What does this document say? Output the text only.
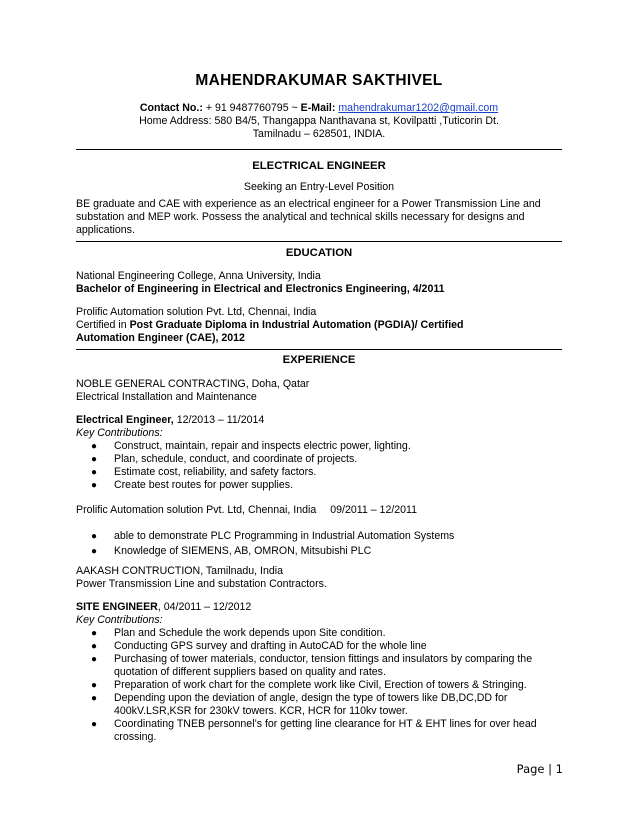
MAHENDRAKUMAR SAKTHIVEL
Contact No.: + 91 9487760795 ~ E-Mail: mahendrakumar1202@gmail.com
Home Address: 580 B4/5, Thangappa Nanthavana st, Kovilpatti ,Tuticorin Dt.
Tamilnadu – 628501, INDIA.
ELECTRICAL ENGINEER
Seeking an Entry-Level Position
BE graduate and CAE with experience as an electrical engineer for a Power Transmission Line and substation and MEP work. Possess the analytical and technical skills necessary for designs and applications.
EDUCATION
National Engineering College, Anna University, India
Bachelor of Engineering in Electrical and Electronics Engineering, 4/2011
Prolific Automation solution Pvt. Ltd, Chennai, India
Certified in Post Graduate Diploma in Industrial Automation (PGDIA)/ Certified
Automation Engineer (CAE), 2012
EXPERIENCE
NOBLE GENERAL CONTRACTING, Doha, Qatar
Electrical Installation and Maintenance
Electrical Engineer, 12/2013 – 11/2014
Key Contributions:
● Construct, maintain, repair and inspects electric power, lighting.
● Plan, schedule, conduct, and coordinate of projects.
● Estimate cost, reliability, and safety factors.
● Create best routes for power supplies.
Prolific Automation solution Pvt. Ltd, Chennai, India 09/2011 – 12/2011
● able to demonstrate PLC Programming in Industrial Automation Systems
● Knowledge of SIEMENS, AB, OMRON, Mitsubishi PLC
AAKASH CONTRUCTION, Tamilnadu, India
Power Transmission Line and substation Contractors.
SITE ENGINEER, 04/2011 – 12/2012
Key Contributions:
● Plan and Schedule the work depends upon Site condition.
● Conducting GPS survey and drafting in AutoCAD for the whole line
● Purchasing of tower materials, conductor, tension fittings and insulators by comparing the quotation of different suppliers based on quality and rates.
● Preparation of work chart for the complete work like Civil, Erection of towers & Stringing.
● Depending upon the deviation of angle, design the type of towers like DB,DC,DD for 400kV.LSR,KSR for 230kV towers. KCR, HCR for 110kv tower.
● Coordinating TNEB personnel’s for getting line clearance for HT & EHT lines for over head crossing.
Page | 1
